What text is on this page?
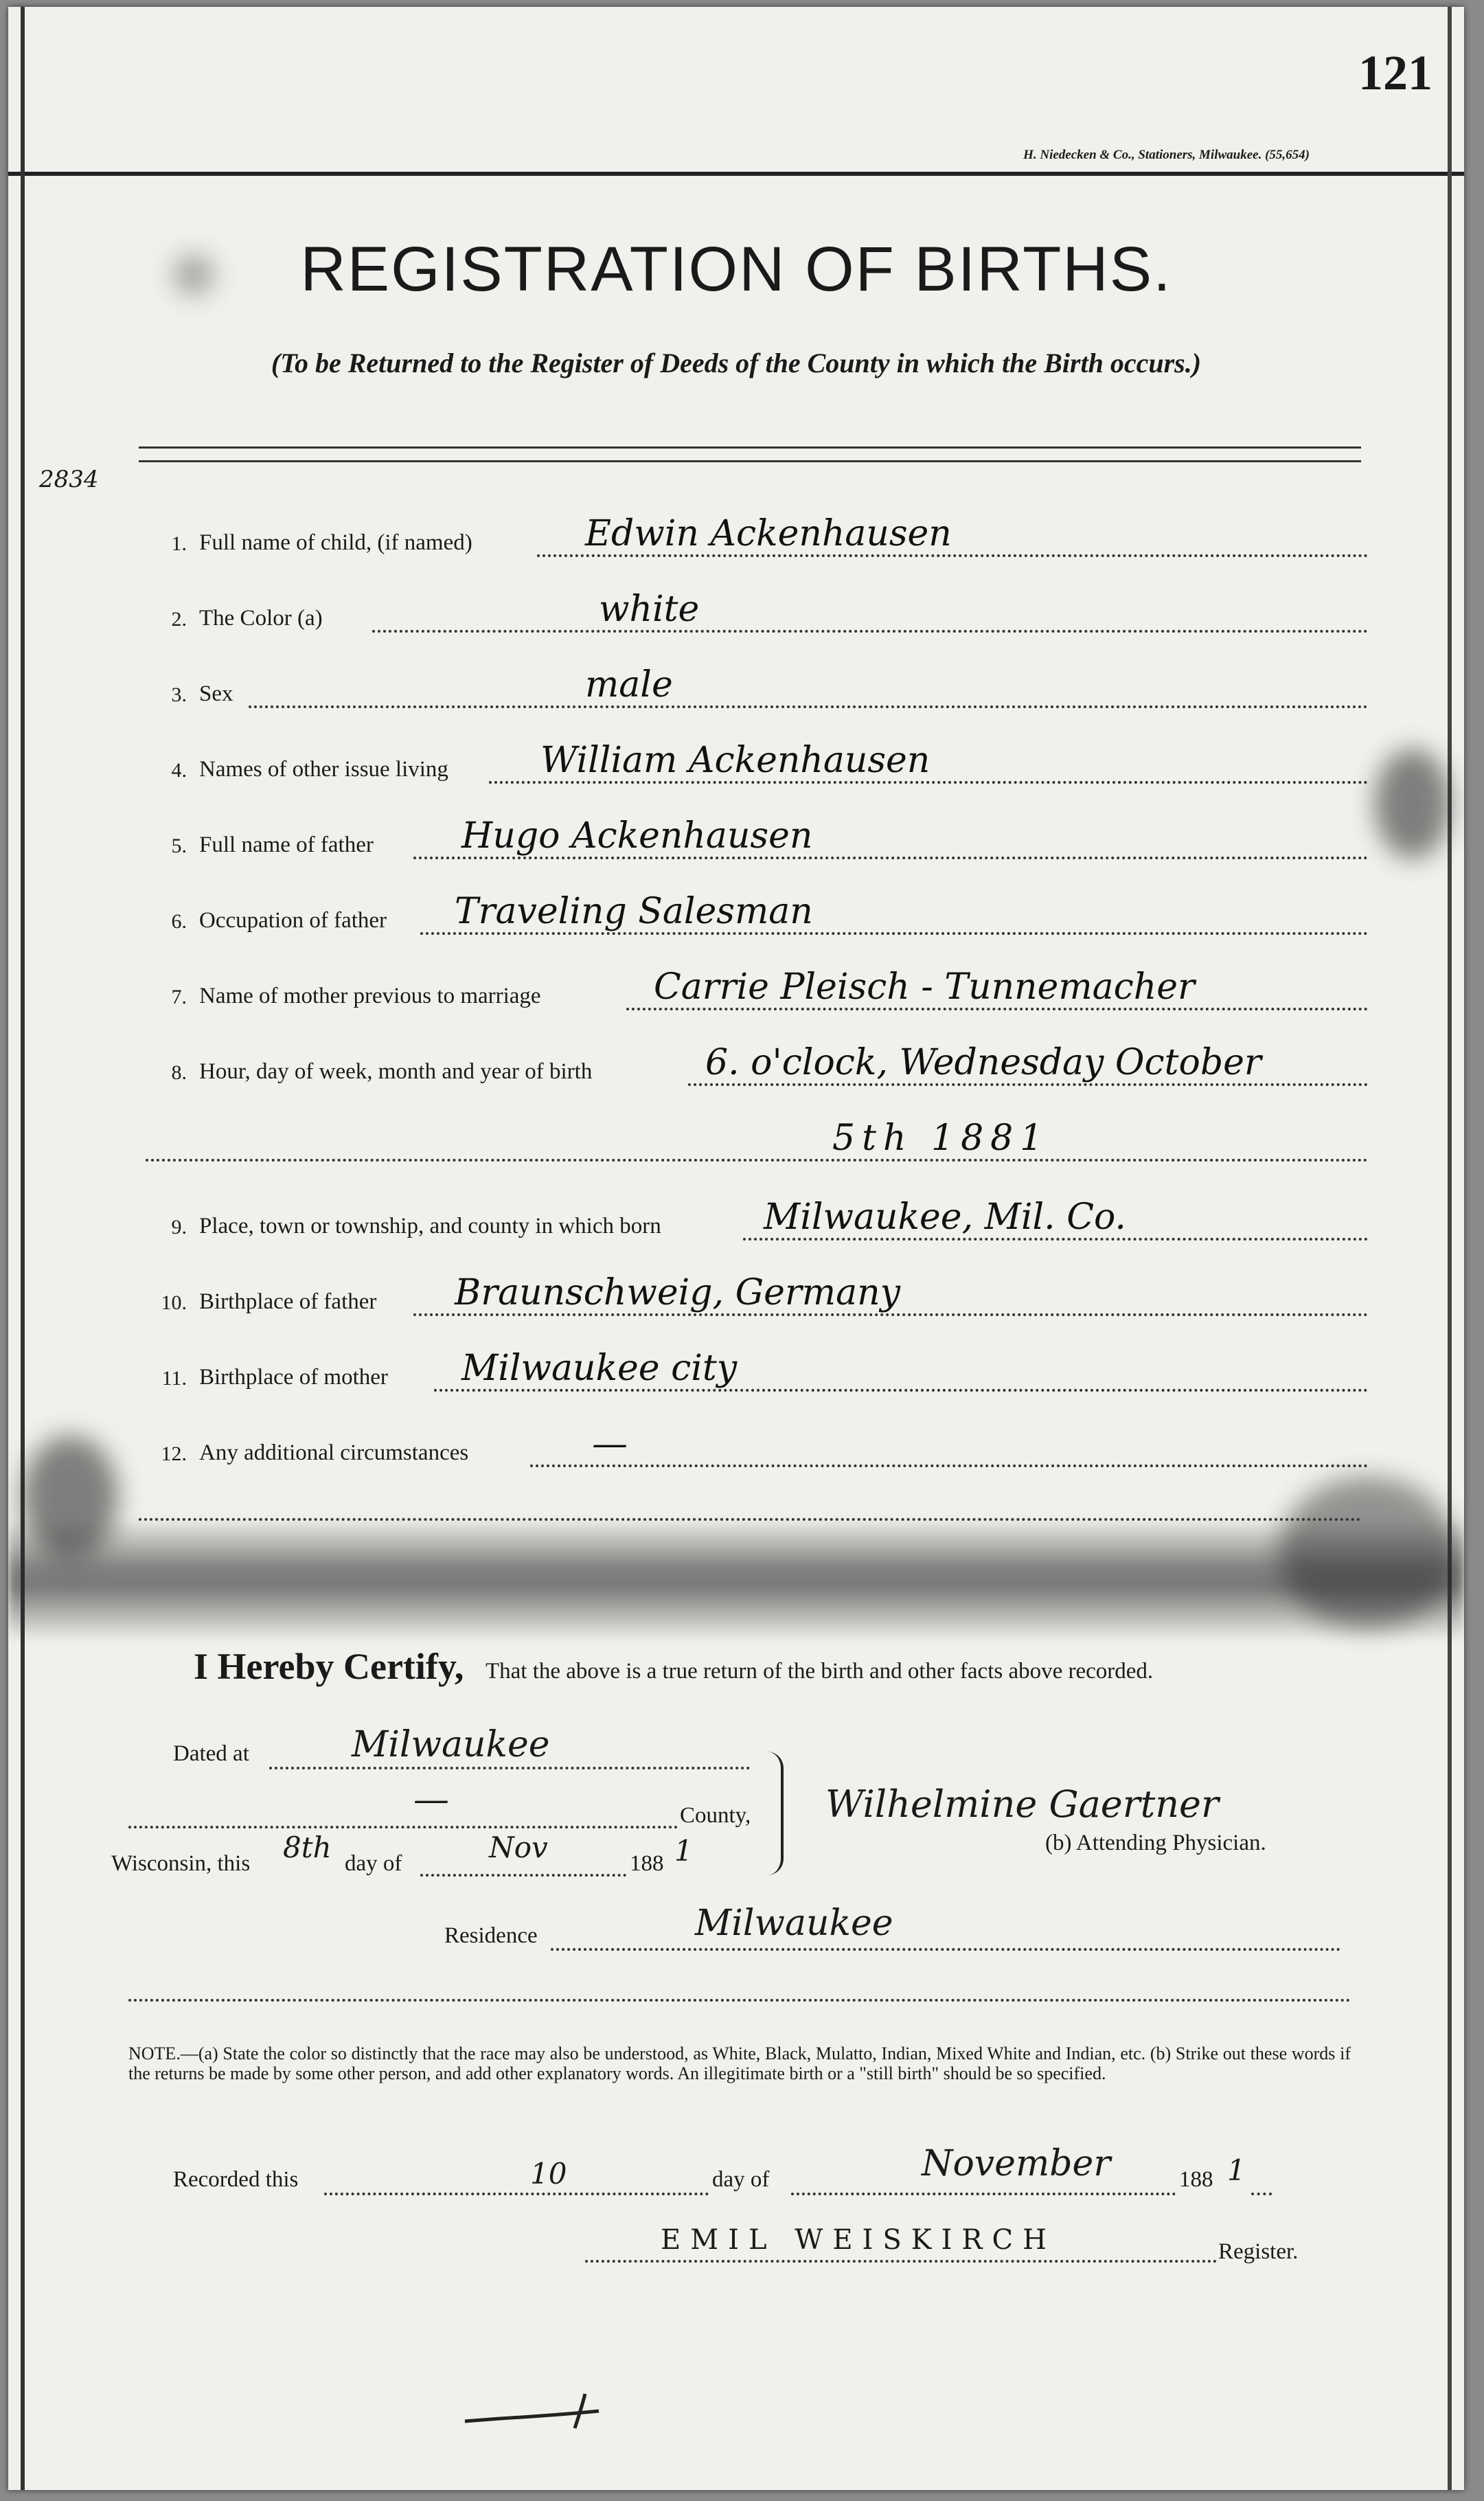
121
H. Niedecken & Co., Stationers, Milwaukee. (55,654)
REGISTRATION OF BIRTHS.
(To be Returned to the Register of Deeds of the County in which the Birth occurs.)
2834
1. Full name of child, (if named)	Edwin Ackenhausen
2. The Color (a)	white
3. Sex	male
4. Names of other issue living	William Ackenhausen
5. Full name of father Hugo Ackenhausen
6. Occupation of father Traveling Salesman
7. Name of mother previous to marriage	Carrie Pleisch - Tunnemacher
8. Hour, day of week, month and year of birth	6. o'clock, Wednesday October
5th 1881
9. Place, town or township, and county in which born	Milwaukee, Mil. Co.
10. Birthplace of father Braunschweig, Germany
11. Birthplace of mother Milwaukee city
12. Any additional circumstances	—
I Hereby Certify, That the above is a true return of the birth and other facts above recorded.
Dated at	Milwaukee
—	County,
Wisconsin, this 8th day of	Nov	188 1
Wilhelmine Gaertner
(b) Attending Physician.
Residence	Milwaukee
NOTE.—(a) State the color so distinctly that the race may also be understood, as White, Black, Mulatto, Indian, Mixed White and Indian, etc. (b) Strike out these words if the returns be made by some other person, and add other explanatory words. An illegitimate birth or a "still birth" should be so specified.
Recorded this	10	day of	November	188 1
EMIL WEISKIRCH	Register.
